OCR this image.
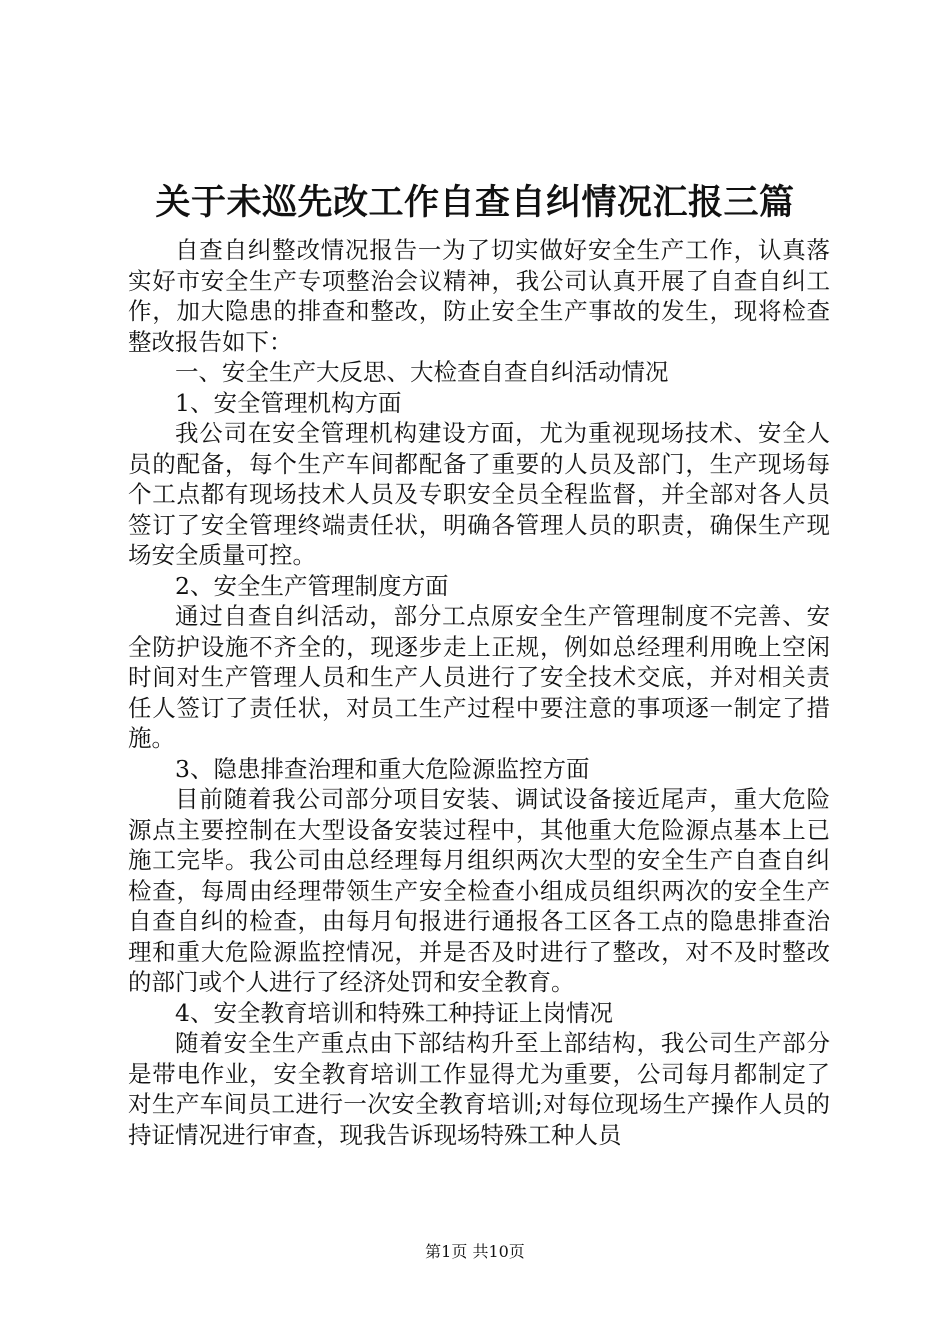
关于未巡先改工作自查自纠情况汇报三篇

自查自纠整改情况报告一为了切实做好安全生产工作，认真落实好市安全生产专项整治会议精神，我公司认真开展了自查自纠工作，加大隐患的排查和整改，防止安全生产事故的发生，现将检查整改报告如下：

一、安全生产大反思、大检查自查自纠活动情况

1、安全管理机构方面

我公司在安全管理机构建设方面，尤为重视现场技术、安全人员的配备，每个生产车间都配备了重要的人员及部门，生产现场每个工点都有现场技术人员及专职安全员全程监督，并全部对各人员签订了安全管理终端责任状，明确各管理人员的职责，确保生产现场安全质量可控。

2、安全生产管理制度方面

通过自查自纠活动，部分工点原安全生产管理制度不完善、安全防护设施不齐全的，现逐步走上正规，例如总经理利用晚上空闲时间对生产管理人员和生产人员进行了安全技术交底，并对相关责任人签订了责任状，对员工生产过程中要注意的事项逐一制定了措施。

3、隐患排查治理和重大危险源监控方面

目前随着我公司部分项目安装、调试设备接近尾声，重大危险源点主要控制在大型设备安装过程中，其他重大危险源点基本上已施工完毕。我公司由总经理每月组织两次大型的安全生产自查自纠检查，每周由经理带领生产安全检查小组成员组织两次的安全生产自查自纠的检查，由每月旬报进行通报各工区各工点的隐患排查治理和重大危险源监控情况，并是否及时进行了整改，对不及时整改的部门或个人进行了经济处罚和安全教育。

4、安全教育培训和特殊工种持证上岗情况

随着安全生产重点由下部结构升至上部结构，我公司生产部分是带电作业，安全教育培训工作显得尤为重要，公司每月都制定了对生产车间员工进行一次安全教育培训;对每位现场生产操作人员的持证情况进行审查，现我告诉现场特殊工种人员

第1页 共10页
